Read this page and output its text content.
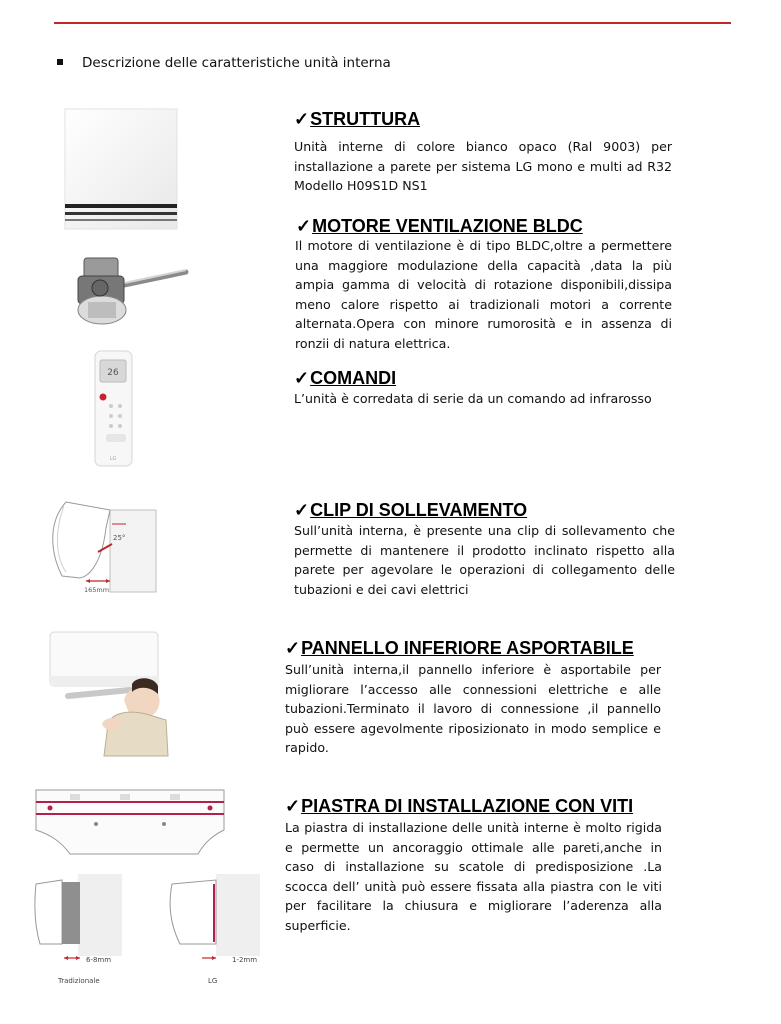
Descrizione delle caratteristiche unità interna
26
LG
25°
165mm
6-8mm
Tradizionale
1-2mm
LG
✓STRUTTURA
Unità interne di colore bianco opaco (Ral 9003) per installazione a parete per sistema LG mono e multi ad R32 Modello H09S1D NS1
✓MOTORE VENTILAZIONE BLDC
Il motore di ventilazione è di tipo BLDC,oltre a permettere una maggiore modulazione della capacità ,data la più ampia gamma di velocità di rotazione disponibili,dissipa meno calore rispetto ai tradizionali motori a corrente alternata.Opera con minore rumorosità e in assenza di ronzii di natura elettrica.
✓COMANDI
L’unità è corredata di serie da un comando ad infrarosso
✓CLIP DI SOLLEVAMENTO
Sull’unità interna, è presente una clip di sollevamento che permette di mantenere il prodotto inclinato rispetto alla parete per agevolare le operazioni di collegamento delle tubazioni e dei cavi elettrici
✓PANNELLO INFERIORE ASPORTABILE
Sull’unità interna,il pannello inferiore è asportabile per migliorare l’accesso alle connessioni elettriche e alle tubazioni.Terminato il lavoro di connessione ,il pannello può essere agevolmente riposizionato in modo semplice e rapido.
✓PIASTRA DI INSTALLAZIONE CON VITI
La piastra di installazione delle unità interne è molto rigida e permette un ancoraggio ottimale alle pareti,anche in caso di installazione su scatole di predisposizione .La scocca dell’ unità può essere fissata alla piastra con le viti per facilitare la chiusura e migliorare l’aderenza alla superficie.
